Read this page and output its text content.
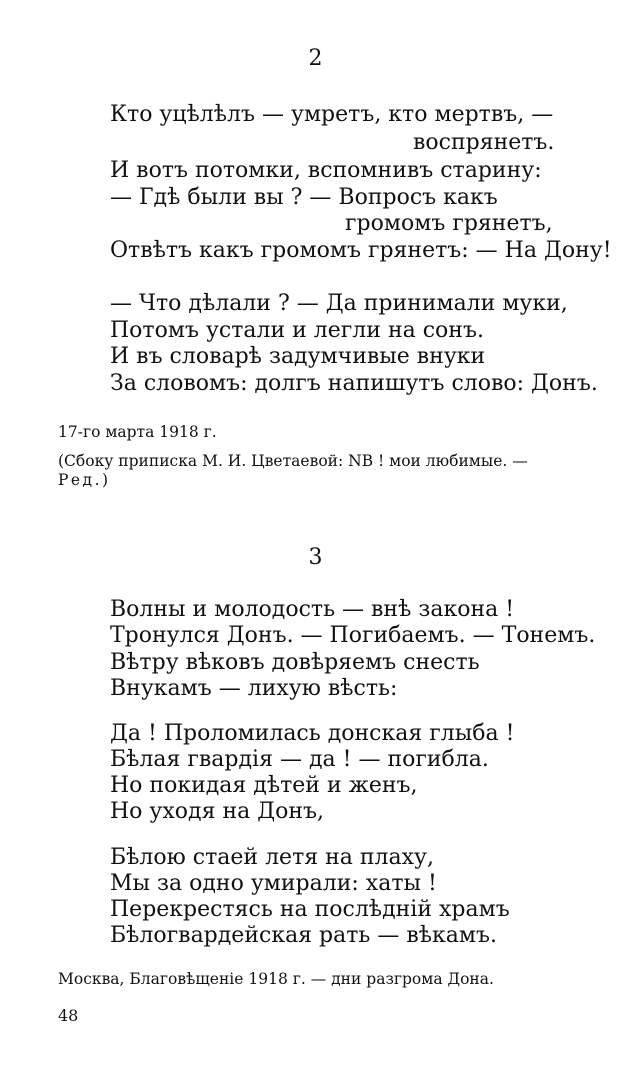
2
Кто уцѣлѣлъ — умретъ, кто мертвъ, —
воспрянетъ.
И вотъ потомки, вспомнивъ старину:
— Гдѣ были вы ? — Вопросъ какъ
громомъ грянетъ,
Отвѣтъ какъ громомъ грянетъ: — На Дону!
— Что дѣлали ? — Да принимали муки,
Потомъ устали и легли на сонъ.
И въ словарѣ задумчивые внуки
За словомъ: долгъ напишутъ слово: Донъ.
17-го марта 1918 г.
(Сбоку приписка М. И. Цветаевой: NB ! мои любимые. —
Ред.)
3
Волны и молодость — внѣ закона !
Тронулся Донъ. — Погибаемъ. — Тонемъ.
Вѣтру вѣковъ довѣряемъ снесть
Внукамъ — лихую вѣсть:
Да ! Проломилась донская глыба !
Бѣлая гвардія — да ! — погибла.
Но покидая дѣтей и женъ,
Но уходя на Донъ,
Бѣлою стаей летя на плаху,
Мы за одно умирали: хаты !
Перекрестясь на послѣдній храмъ
Бѣлогвардейская рать — вѣкамъ.
Москва, Благовѣщеніе 1918 г. — дни разгрома Дона.
48
